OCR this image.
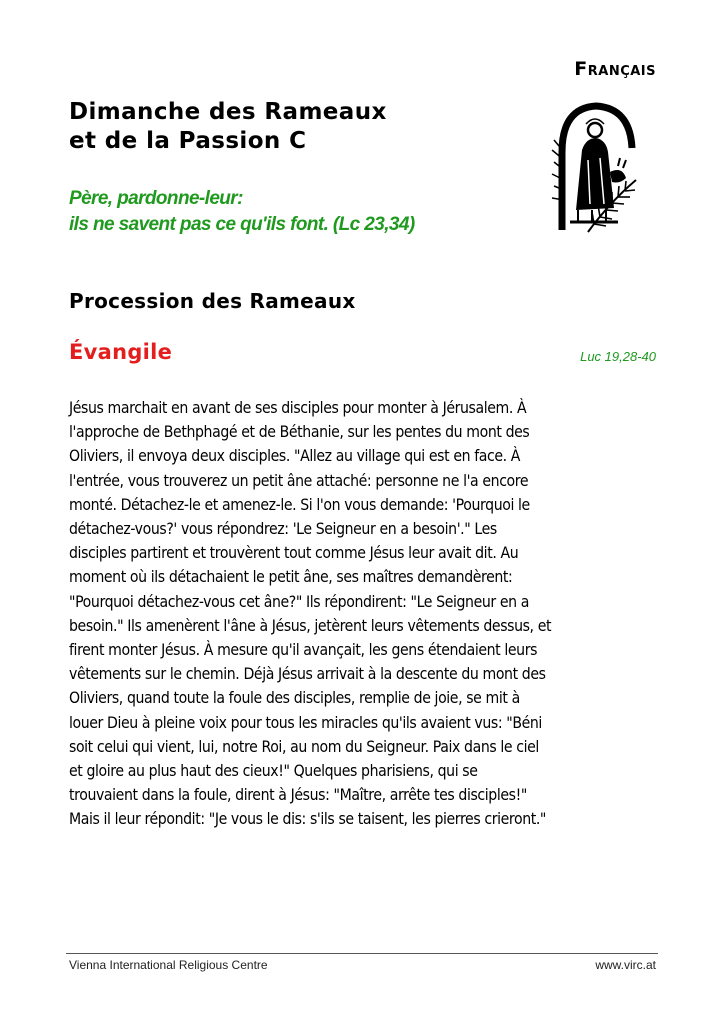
Français
Dimanche des Rameaux
et de la Passion C
Père, pardonne-leur:
ils ne savent pas ce qu'ils font. (Lc 23,34)
Procession des Rameaux
Évangile	Luc 19,28-40

Jésus marchait en avant de ses disciples pour monter à Jérusalem. À
l'approche de Bethphagé et de Béthanie, sur les pentes du mont des
Oliviers, il envoya deux disciples. "Allez au village qui est en face. À
l'entrée, vous trouverez un petit âne attaché: personne ne l'a encore
monté. Détachez-le et amenez-le. Si l'on vous demande: 'Pourquoi le
détachez-vous?' vous répondrez: 'Le Seigneur en a besoin'." Les
disciples partirent et trouvèrent tout comme Jésus leur avait dit. Au
moment où ils détachaient le petit âne, ses maîtres demandèrent:
"Pourquoi détachez-vous cet âne?" Ils répondirent: "Le Seigneur en a
besoin." Ils amenèrent l'âne à Jésus, jetèrent leurs vêtements dessus, et
firent monter Jésus. À mesure qu'il avançait, les gens étendaient leurs
vêtements sur le chemin. Déjà Jésus arrivait à la descente du mont des
Oliviers, quand toute la foule des disciples, remplie de joie, se mit à
louer Dieu à pleine voix pour tous les miracles qu'ils avaient vus: "Béni
soit celui qui vient, lui, notre Roi, au nom du Seigneur. Paix dans le ciel
et gloire au plus haut des cieux!" Quelques pharisiens, qui se
trouvaient dans la foule, dirent à Jésus: "Maître, arrête tes disciples!"
Mais il leur répondit: "Je vous le dis: s'ils se taisent, les pierres crieront."

Vienna International Religious Centre	www.virc.at
